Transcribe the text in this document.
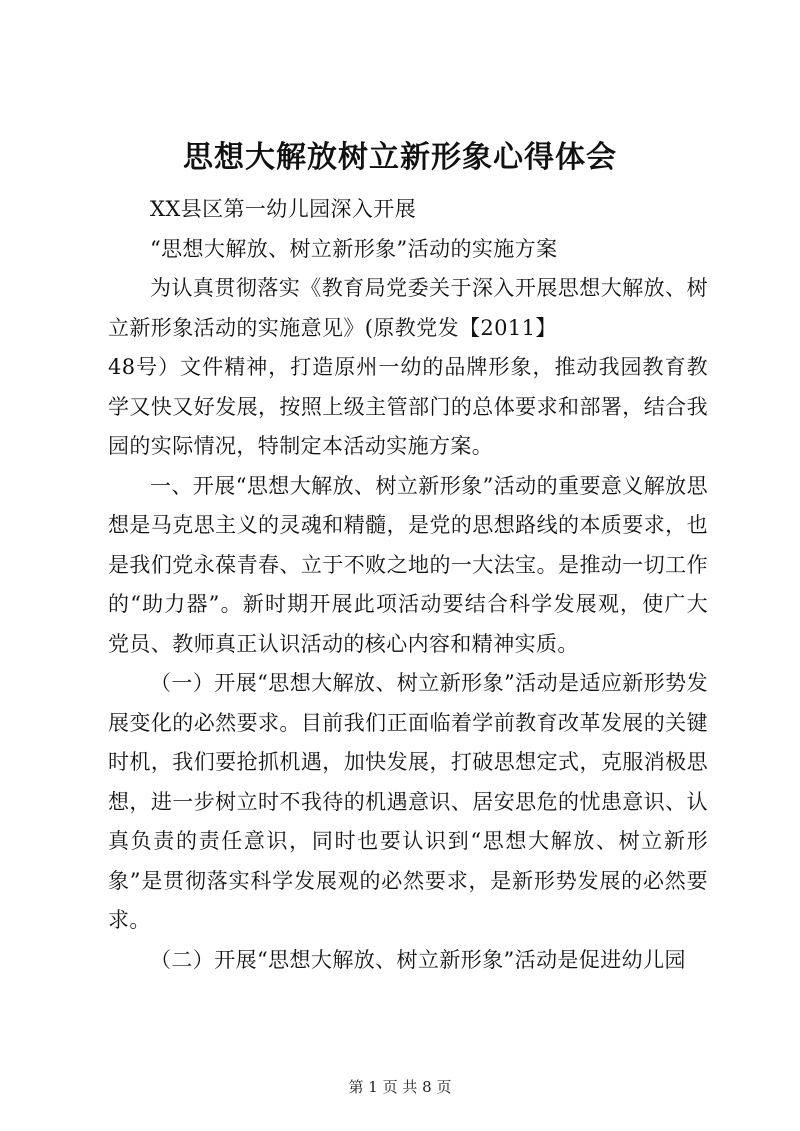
思想大解放树立新形象心得体会

XX县区第一幼儿园深入开展

“思想大解放、树立新形象”活动的实施方案

为认真贯彻落实《教育局党委关于深入开展思想大解放、树立新形象活动的实施意见》(原教党发【2011】

48号）文件精神，打造原州一幼的品牌形象，推动我园教育教学又快又好发展，按照上级主管部门的总体要求和部署，结合我园的实际情况，特制定本活动实施方案。

一、开展“思想大解放、树立新形象”活动的重要意义解放思想是马克思主义的灵魂和精髓，是党的思想路线的本质要求，也是我们党永葆青春、立于不败之地的一大法宝。是推动一切工作的“助力器”。新时期开展此项活动要结合科学发展观，使广大党员、教师真正认识活动的核心内容和精神实质。

（一）开展“思想大解放、树立新形象”活动是适应新形势发展变化的必然要求。目前我们正面临着学前教育改革发展的关键时机，我们要抢抓机遇，加快发展，打破思想定式，克服消极思想，进一步树立时不我待的机遇意识、居安思危的忧患意识、认真负责的责任意识，同时也要认识到“思想大解放、树立新形象”是贯彻落实科学发展观的必然要求，是新形势发展的必然要求。

（二）开展“思想大解放、树立新形象”活动是促进幼儿园

第 1 页 共 8 页
